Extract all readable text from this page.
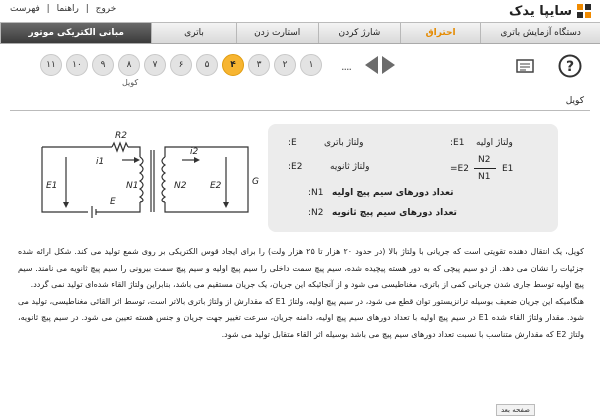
خروج | راهنما | فهرست	سایپا یدک
دستگاه آزمایش باتری
احتراق
شارژ کردن
استارت زدن
باتری
مبانی الکتریکی موتور
۱
۲
۳
۴
۵
۶
۷
۸
۹
۱۰
۱۱
کویل
....	?
کویل
R2
i1
i2
E1
E
N1	N2	E2	G
ولتاژ باتری
E:
ولتاژ ثانویه
E2:
تعداد دورهای سیم پیچ اولیه
N1:
تعداد دورهای سیم پیچ ثانویه
N2:
ولتاژ اولیه
E1:
E2=
N2
N1
E1

کویل، یک انتقال دهنده تقویتی است که جریانی با ولتاژ بالا (در حدود ۲۰ هزار تا ۲۵ هزار ولت) را برای ایجاد قوس الکتریکی بر روی شمع تولید می کند. شکل ارائه شده جزئیات را نشان می دهد. از دو سیم پیچی که به دور هسته پیچیده شده، سیم پیچ سمت داخلی را سیم پیچ اولیه و سیم پیچ سمت بیرونی را سیم پیچ ثانویه می نامند. سیم پیچ اولیه توسط جاری شدن جریانی کمی از باتری، مغناطیسی می شود و از آنجائیکه این جریان، یک جریان مستقیم می باشد، بنابراین ولتاژ القاء شده‌ای تولید نمی گردد.

هنگامیکه این جریان ضعیف بوسیله ترانزیستور توان قطع می شود، در سیم پیچ اولیه، ولتاژ E1 که مقدارش از ولتاژ باتری بالاتر است، توسط اثر القائی مغناطیسی، تولید می شود. مقدار ولتاژ القاء شده E1 در سیم پیچ اولیه با تعداد دورهای سیم پیچ اولیه، دامنه جریان، سرعت تغییر جهت جریان و جنس هسته تعیین می شود. در سیم پیچ ثانویه، ولتاژ E2 که مقدارش متناسب با نسبت تعداد دورهای سیم پیچ می باشد بوسیله اثر القاء متقابل تولید می شود.

صفحه بعد
